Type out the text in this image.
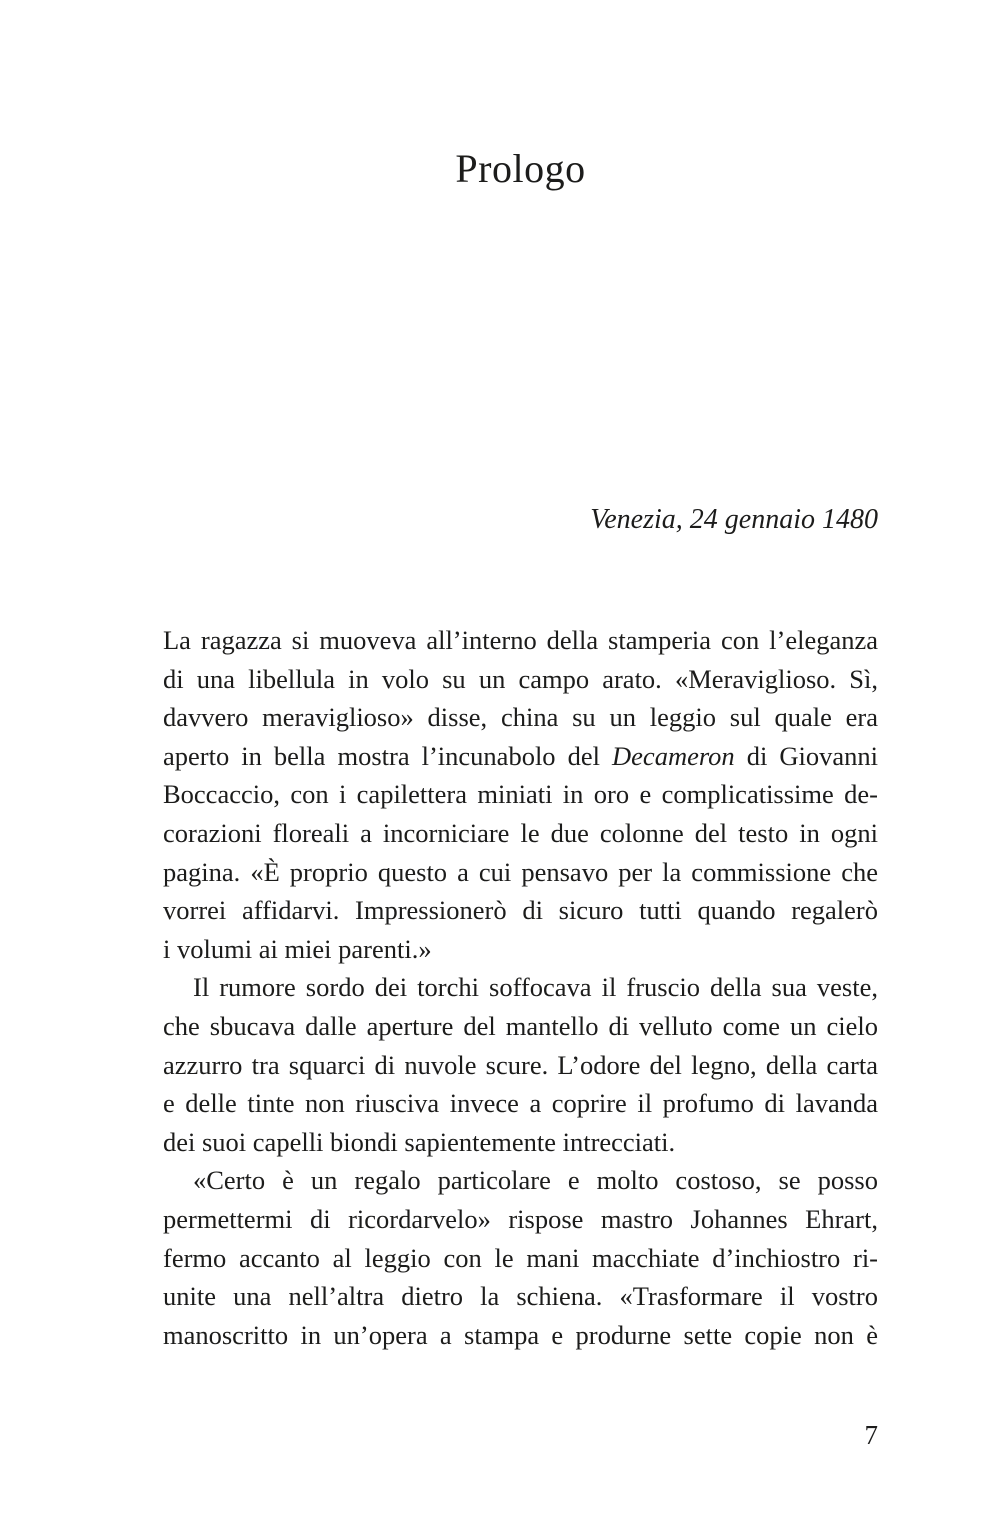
Prologo
Venezia, 24 gennaio 1480
La ragazza si muoveva all’interno della stamperia con l’eleganza
di una libellula in volo su un campo arato. «Meraviglioso. Sì,
davvero meraviglioso» disse, china su un leggio sul quale era
aperto in bella mostra l’incunabolo del Decameron di Giovanni
Boccaccio, con i capilettera miniati in oro e complicatissime de-
corazioni floreali a incorniciare le due colonne del testo in ogni
pagina. «È proprio questo a cui pensavo per la commissione che
vorrei affidarvi. Impressionerò di sicuro tutti quando regalerò
i volumi ai miei parenti.»
Il rumore sordo dei torchi soffocava il fruscio della sua veste,
che sbucava dalle aperture del mantello di velluto come un cielo
azzurro tra squarci di nuvole scure. L’odore del legno, della carta
e delle tinte non riusciva invece a coprire il profumo di lavanda
dei suoi capelli biondi sapientemente intrecciati.
«Certo è un regalo particolare e molto costoso, se posso
permettermi di ricordarvelo» rispose mastro Johannes Ehrart,
fermo accanto al leggio con le mani macchiate d’inchiostro ri-
unite una nell’altra dietro la schiena. «Trasformare il vostro
manoscritto in un’opera a stampa e produrne sette copie non è
7
